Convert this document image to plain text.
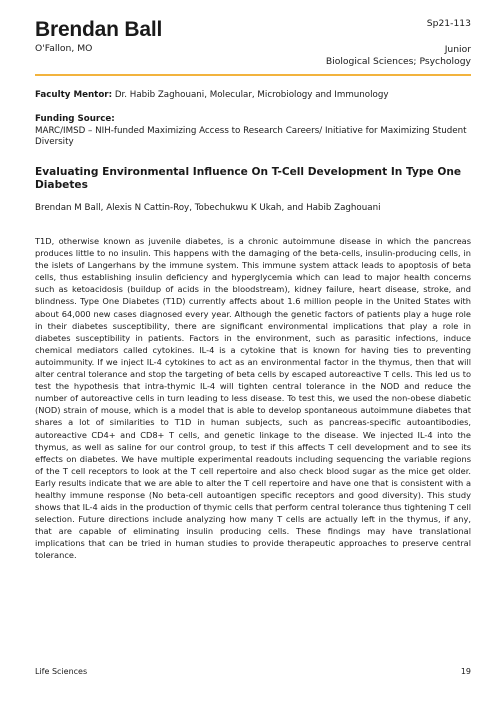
Brendan Ball
O'Fallon, MO
Sp21-113
Junior
Biological Sciences; Psychology
Faculty Mentor: Dr. Habib Zaghouani, Molecular, Microbiology and Immunology
Funding Source:
MARC/IMSD – NIH-funded Maximizing Access to Research Careers/ Initiative for Maximizing Student Diversity
Evaluating Environmental Influence On T-Cell Development In Type One Diabetes
Brendan M Ball, Alexis N Cattin-Roy, Tobechukwu K Ukah, and Habib Zaghouani
T1D, otherwise known as juvenile diabetes, is a chronic autoimmune disease in which the pancreas produces little to no insulin. This happens with the damaging of the beta-cells, insulin-producing cells, in the islets of Langerhans by the immune system. This immune system attack leads to apoptosis of beta cells, thus establishing insulin deficiency and hyperglycemia which can lead to major health concerns such as ketoacidosis (buildup of acids in the bloodstream), kidney failure, heart disease, stroke, and blindness. Type One Diabetes (T1D) currently affects about 1.6 million people in the United States with about 64,000 new cases diagnosed every year. Although the genetic factors of patients play a huge role in their diabetes susceptibility, there are significant environmental implications that play a role in diabetes susceptibility in patients. Factors in the environment, such as parasitic infections, induce chemical mediators called cytokines. IL-4 is a cytokine that is known for having ties to preventing autoimmunity. If we inject IL-4 cytokines to act as an environmental factor in the thymus, then that will alter central tolerance and stop the targeting of beta cells by escaped autoreactive T cells. This led us to test the hypothesis that intra-thymic IL-4 will tighten central tolerance in the NOD and reduce the number of autoreactive cells in turn leading to less disease. To test this, we used the non-obese diabetic (NOD) strain of mouse, which is a model that is able to develop spontaneous autoimmune diabetes that shares a lot of similarities to T1D in human subjects, such as pancreas-specific autoantibodies, autoreactive CD4+ and CD8+ T cells, and genetic linkage to the disease. We injected IL-4 into the thymus, as well as saline for our control group, to test if this affects T cell development and to see its effects on diabetes. We have multiple experimental readouts including sequencing the variable regions of the T cell receptors to look at the T cell repertoire and also check blood sugar as the mice get older. Early results indicate that we are able to alter the T cell repertoire and have one that is consistent with a healthy immune response (No beta-cell autoantigen specific receptors and good diversity). This study shows that IL-4 aids in the production of thymic cells that perform central tolerance thus tightening T cell selection. Future directions include analyzing how many T cells are actually left in the thymus, if any, that are capable of eliminating insulin producing cells. These findings may have translational implications that can be tried in human studies to provide therapeutic approaches to preserve central tolerance.
Life Sciences	19
